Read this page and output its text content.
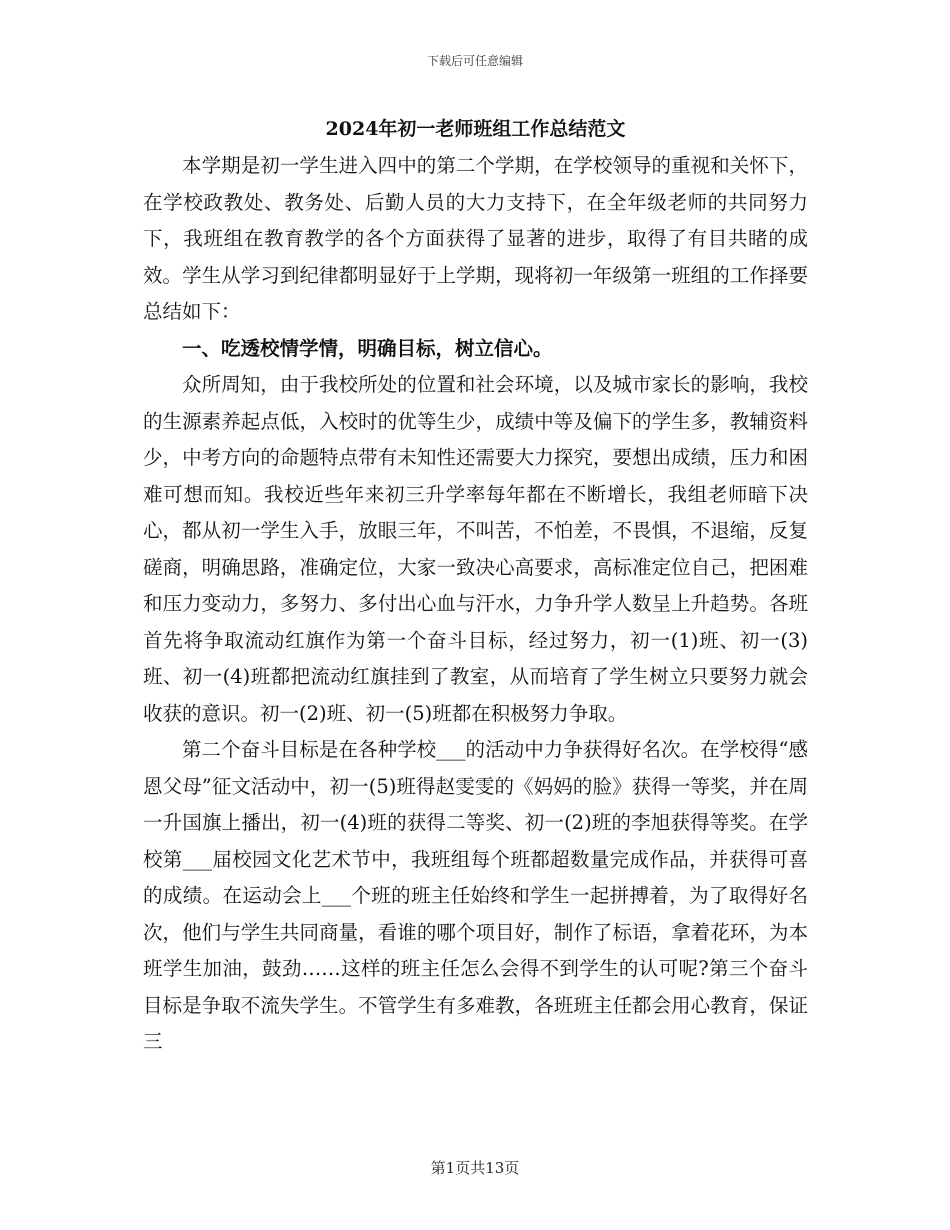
下载后可任意编辑
2024年初一老师班组工作总结范文

本学期是初一学生进入四中的第二个学期，在学校领导的重视和关怀下，在学校政教处、教务处、后勤人员的大力支持下，在全年级老师的共同努力下，我班组在教育教学的各个方面获得了显著的进步，取得了有目共睹的成效。学生从学习到纪律都明显好于上学期，现将初一年级第一班组的工作择要总结如下：

一、吃透校情学情，明确目标，树立信心。

众所周知，由于我校所处的位置和社会环境，以及城市家长的影响，我校的生源素养起点低，入校时的优等生少，成绩中等及偏下的学生多，教辅资料少，中考方向的命题特点带有未知性还需要大力探究，要想出成绩，压力和困难可想而知。我校近些年来初三升学率每年都在不断增长，我组老师暗下决心，都从初一学生入手，放眼三年，不叫苦，不怕差，不畏惧，不退缩，反复磋商，明确思路，准确定位，大家一致决心高要求，高标准定位自己，把困难和压力变动力，多努力、多付出心血与汗水，力争升学人数呈上升趋势。各班首先将争取流动红旗作为第一个奋斗目标，经过努力，初一(1)班、初一(3)班、初一(4)班都把流动红旗挂到了教室，从而培育了学生树立只要努力就会收获的意识。初一(2)班、初一(5)班都在积极努力争取。

第二个奋斗目标是在各种学校___的活动中力争获得好名次。在学校得“感恩父母”征文活动中，初一(5)班得赵雯雯的《妈妈的脸》获得一等奖，并在周一升国旗上播出，初一(4)班的获得二等奖、初一(2)班的李旭获得等奖。在学校第___届校园文化艺术节中，我班组每个班都超数量完成作品，并获得可喜的成绩。在运动会上___个班的班主任始终和学生一起拼搏着，为了取得好名次，他们与学生共同商量，看谁的哪个项目好，制作了标语，拿着花环，为本班学生加油，鼓劲……这样的班主任怎么会得不到学生的认可呢?第三个奋斗目标是争取不流失学生。不管学生有多难教，各班班主任都会用心教育，保证三

第1页共13页
